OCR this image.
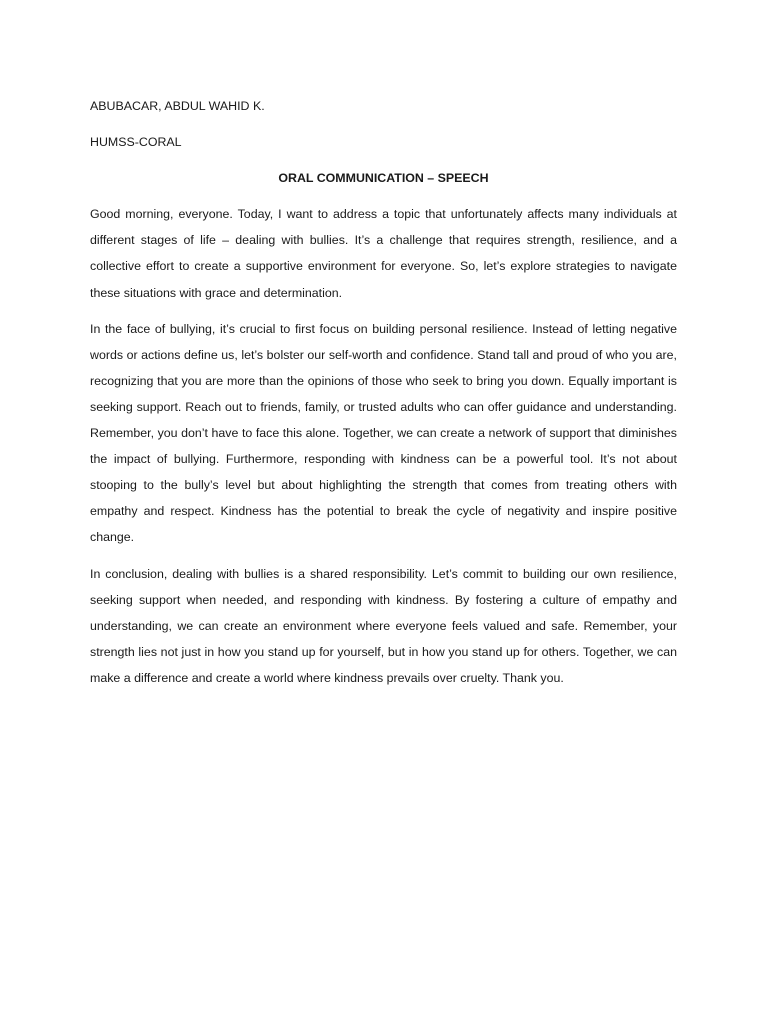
ABUBACAR, ABDUL WAHID K.

HUMSS-CORAL

ORAL COMMUNICATION – SPEECH

Good morning, everyone. Today, I want to address a topic that unfortunately affects many individuals at different stages of life – dealing with bullies. It’s a challenge that requires strength, resilience, and a collective effort to create a supportive environment for everyone. So, let’s explore strategies to navigate these situations with grace and determination.

In the face of bullying, it’s crucial to first focus on building personal resilience. Instead of letting negative words or actions define us, let’s bolster our self-worth and confidence. Stand tall and proud of who you are, recognizing that you are more than the opinions of those who seek to bring you down. Equally important is seeking support. Reach out to friends, family, or trusted adults who can offer guidance and understanding. Remember, you don’t have to face this alone. Together, we can create a network of support that diminishes the impact of bullying. Furthermore, responding with kindness can be a powerful tool. It’s not about stooping to the bully’s level but about highlighting the strength that comes from treating others with empathy and respect. Kindness has the potential to break the cycle of negativity and inspire positive change.

In conclusion, dealing with bullies is a shared responsibility. Let’s commit to building our own resilience, seeking support when needed, and responding with kindness. By fostering a culture of empathy and understanding, we can create an environment where everyone feels valued and safe. Remember, your strength lies not just in how you stand up for yourself, but in how you stand up for others. Together, we can make a difference and create a world where kindness prevails over cruelty. Thank you.
